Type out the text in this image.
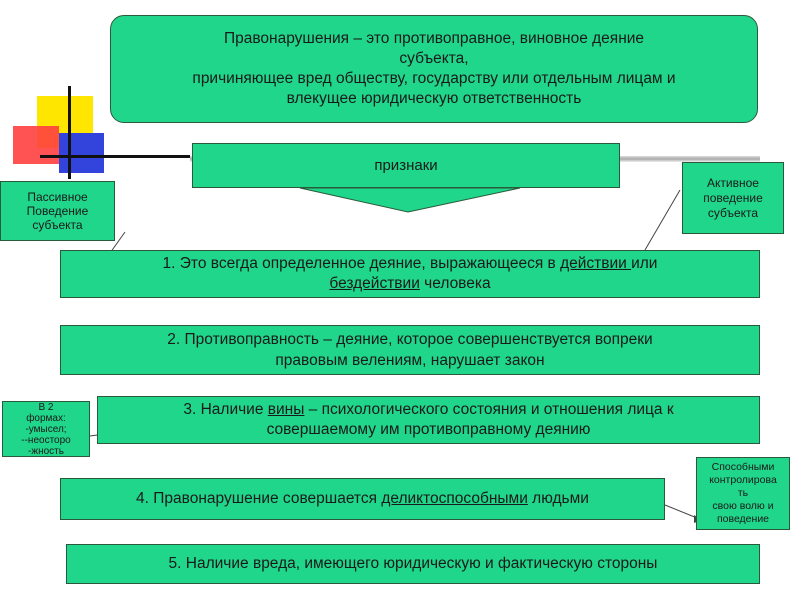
Правонарушения – это противоправное, виновное деяние
субъекта,
причиняющее вред обществу, государству или отдельным лицам и
влекущее юридическую ответственность
признаки
Пассивное
Поведение
субъекта
Активное
поведение
субъекта
1. Это всегда определенное деяние, выражающееся в действии или
бездействии человека
2. Противоправность – деяние, которое совершенствуется вопреки
правовым велениям, нарушает закон
3. Наличие вины – психологического состояния и отношения лица к
совершаемому им противоправному деянию
В 2
формах:
-умысел;
--неосторо
-жность
4. Правонарушение совершается деликтоспособными людьми
Способными
контролирова
ть
свою волю и
поведение
5. Наличие вреда, имеющего юридическую и фактическую стороны
